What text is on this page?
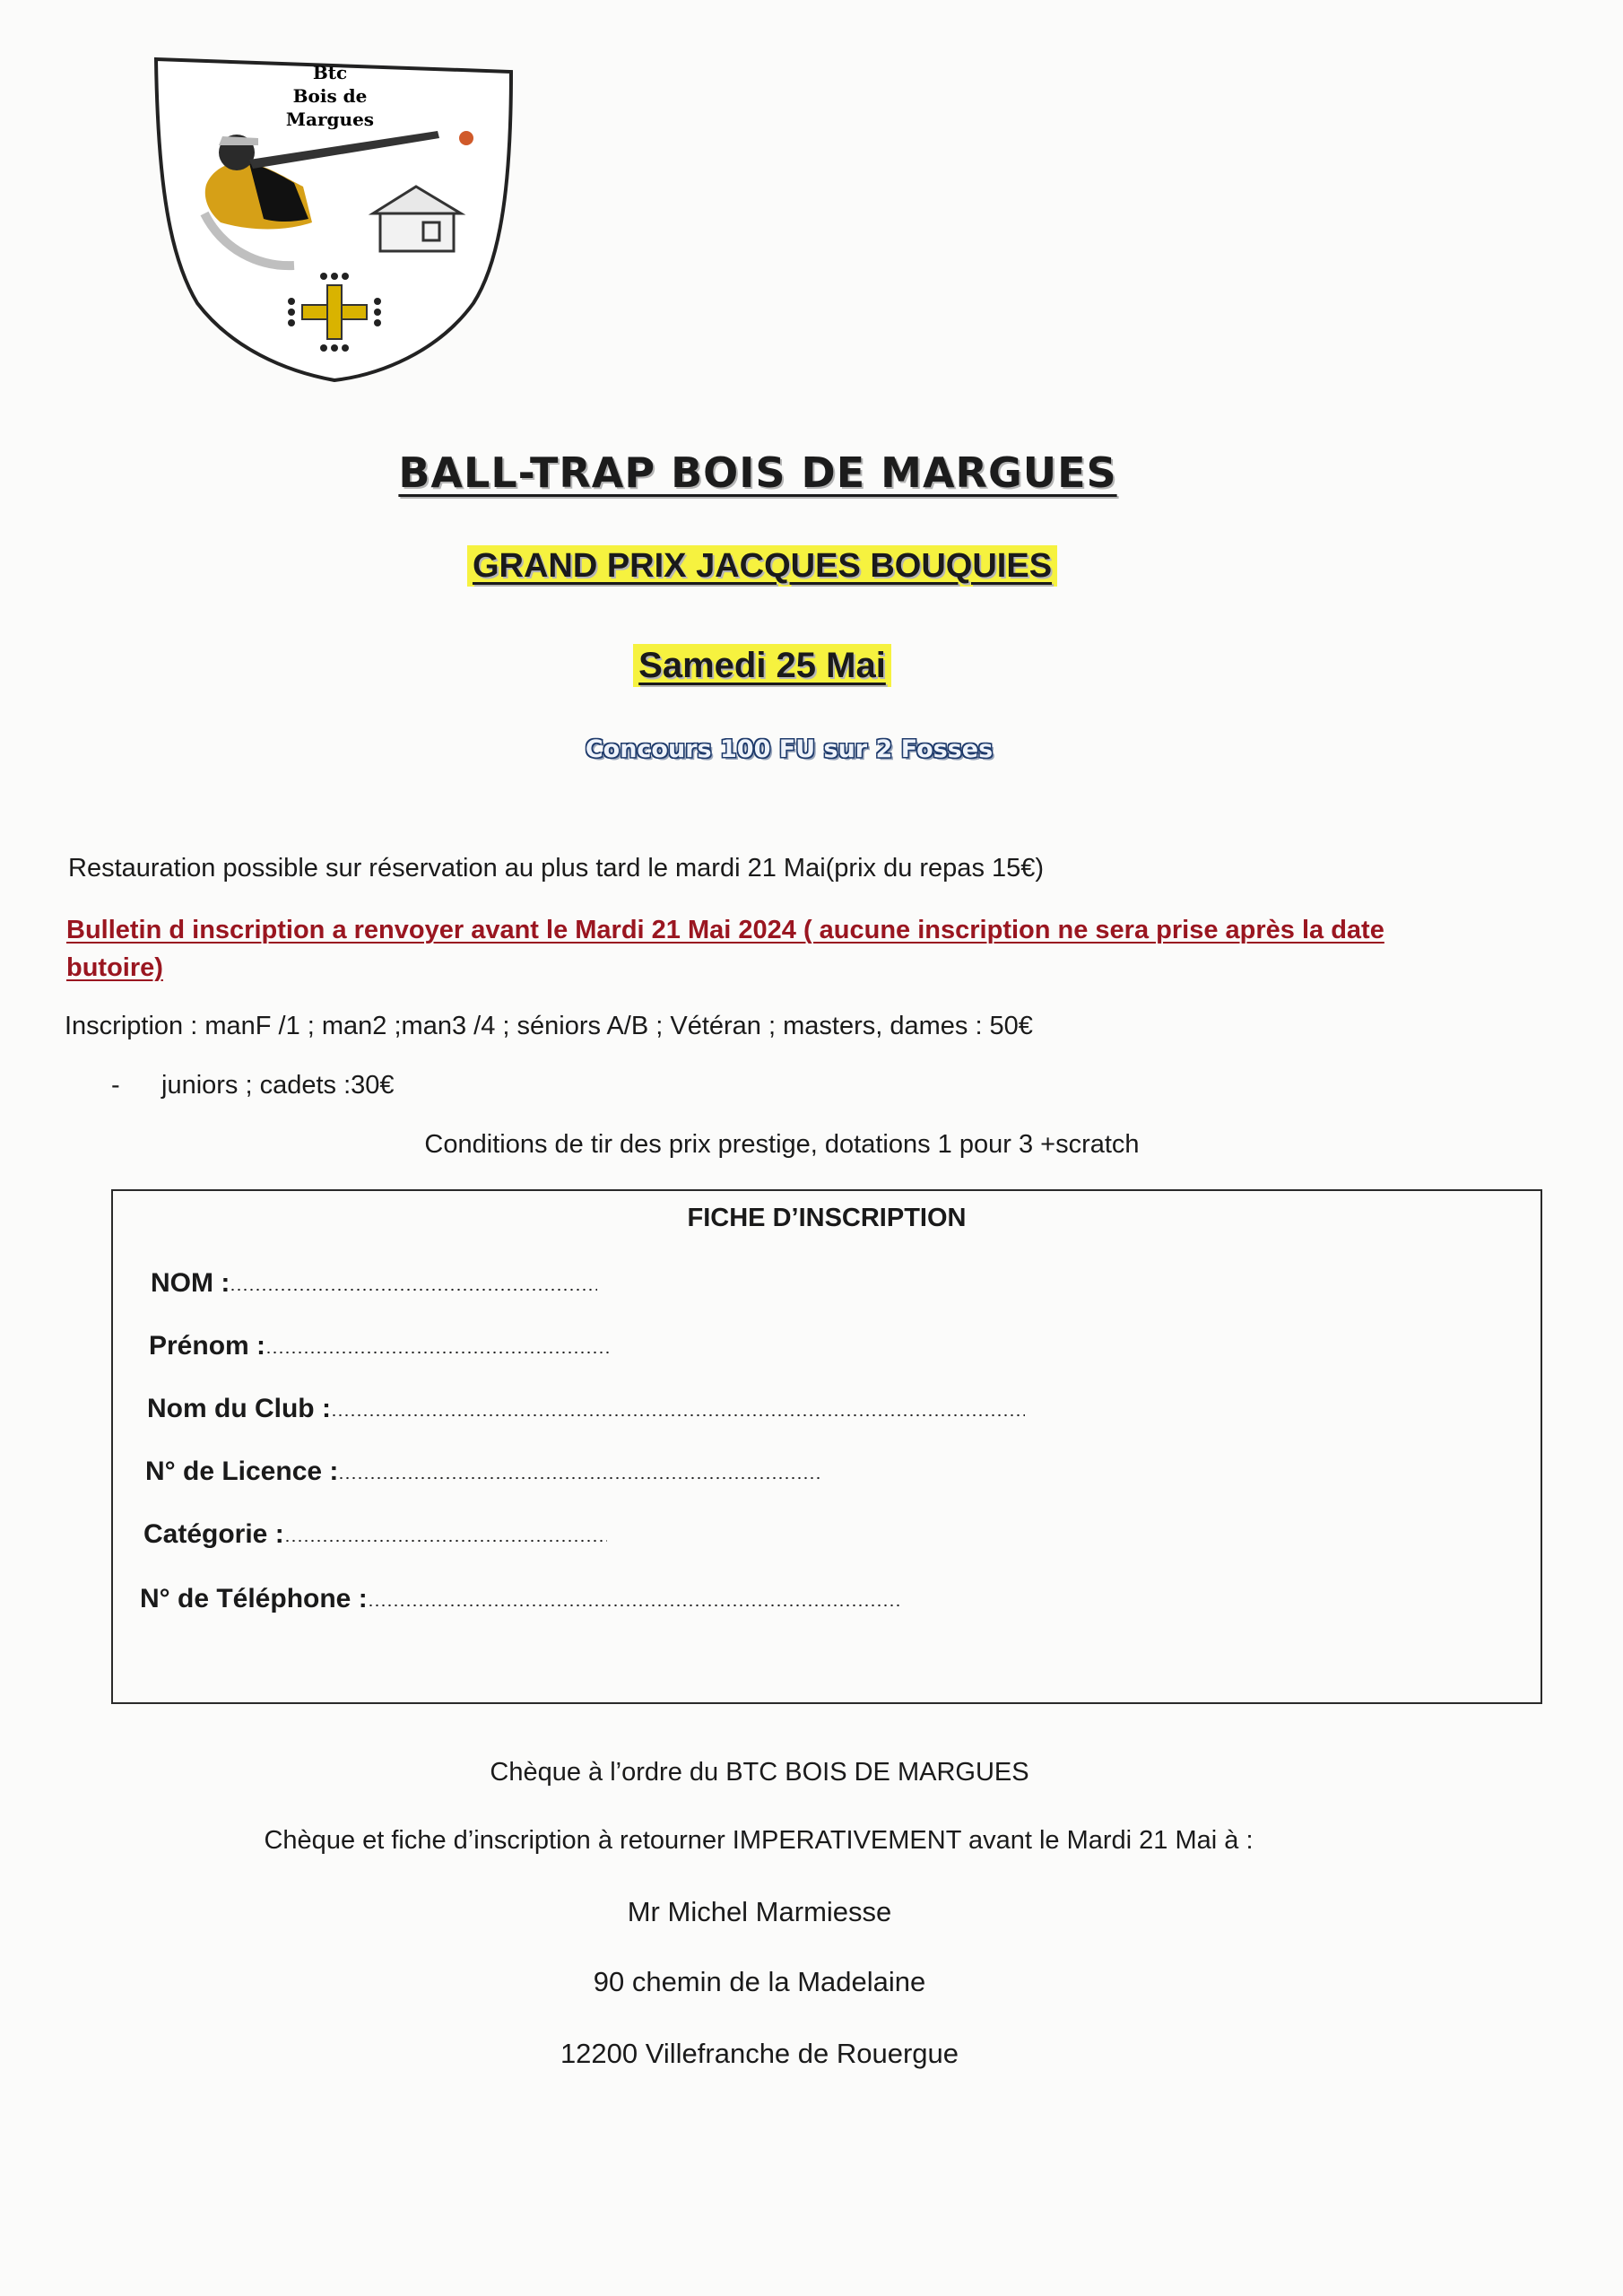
Btc
Bois de
Margues
BALL-TRAP BOIS DE MARGUES
GRAND PRIX JACQUES BOUQUIES
Samedi 25 Mai
Concours 100 FU sur 2 Fosses
Restauration possible sur réservation au plus tard le mardi 21 Mai(prix du repas 15€)
Bulletin d inscription a renvoyer avant le Mardi 21 Mai 2024 ( aucune inscription ne sera prise après la date
butoire)
Inscription : manF /1 ; man2 ;man3 /4 ; séniors A/B ; Vétéran ; masters, dames : 50€
- juniors ; cadets :30€
Conditions de tir des prix prestige, dotations 1 pour 3 +scratch
FICHE D’INSCRIPTION
NOM :
Prénom :
Nom du Club :
N° de Licence :
Catégorie :
N° de Téléphone :
Chèque à l’ordre du BTC BOIS DE MARGUES
Chèque et fiche d’inscription à retourner IMPERATIVEMENT avant le Mardi 21 Mai à :
Mr Michel Marmiesse
90 chemin de la Madelaine
12200 Villefranche de Rouergue
